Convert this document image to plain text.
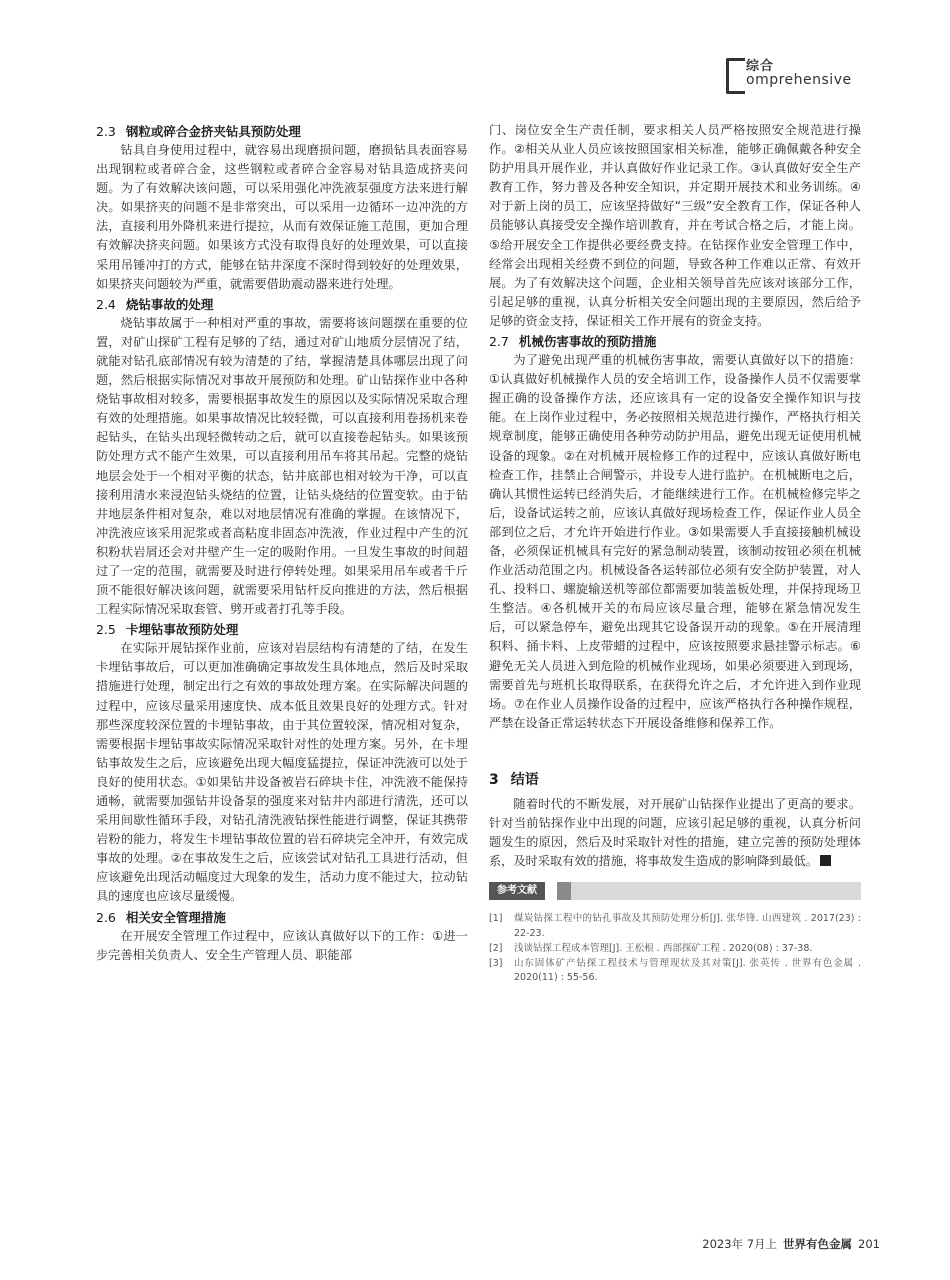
综合
omprehensive
2.3 钢粒或碎合金挤夹钻具预防处理

钻具自身使用过程中，就容易出现磨损问题，磨损钻具表面容易出现钢粒或者碎合金，这些钢粒或者碎合金容易对钻具造成挤夹问题。为了有效解决该问题，可以采用强化冲洗液泵强度方法来进行解决。如果挤夹的问题不是非常突出，可以采用一边循环一边冲洗的方法，直接利用外降机来进行提拉，从而有效保证施工范围，更加合理有效解决挤夹问题。如果该方式没有取得良好的处理效果，可以直接采用吊锤冲打的方式，能够在钻井深度不深时得到较好的处理效果，如果挤夹问题较为严重，就需要借助震动器来进行处理。

2.4 烧钻事故的处理

烧钻事故属于一种相对严重的事故，需要将该问题摆在重要的位置，对矿山探矿工程有足够的了结，通过对矿山地质分层情况了结，就能对钻孔底部情况有较为清楚的了结，掌握清楚具体哪层出现了问题，然后根据实际情况对事故开展预防和处理。矿山钻探作业中各种烧钻事故相对较多，需要根据事故发生的原因以及实际情况采取合理有效的处理措施。如果事故情况比较轻微，可以直接利用卷扬机来卷起钻头，在钻头出现轻微转动之后，就可以直接卷起钻头。如果该预防处理方式不能产生效果，可以直接利用吊车将其吊起。完整的烧钻地层会处于一个相对平衡的状态，钻井底部也相对较为干净，可以直接利用清水来浸泡钻头烧结的位置，让钻头烧结的位置变软。由于钻井地层条件相对复杂，难以对地层情况有准确的掌握。在该情况下，冲洗液应该采用泥浆或者高粘度非固态冲洗液，作业过程中产生的沉积粉状岩屑还会对井壁产生一定的吸附作用。一旦发生事故的时间超过了一定的范围，就需要及时进行停转处理。如果采用吊车或者千斤顶不能很好解决该问题，就需要采用钻杆反向推进的方法，然后根据工程实际情况采取套管、劈开或者打孔等手段。

2.5 卡埋钻事故预防处理

在实际开展钻探作业前，应该对岩层结构有清楚的了结，在发生卡埋钻事故后，可以更加准确确定事故发生具体地点，然后及时采取措施进行处理，制定出行之有效的事故处理方案。在实际解决问题的过程中，应该尽量采用速度快、成本低且效果良好的处理方式。针对那些深度较深位置的卡埋钻事故，由于其位置较深，情况相对复杂，需要根据卡埋钻事故实际情况采取针对性的处理方案。另外，在卡埋钻事故发生之后，应该避免出现大幅度猛提拉，保证冲洗液可以处于良好的使用状态。①如果钻井设备被岩石碎块卡住，冲洗液不能保持通畅，就需要加强钻井设备泵的强度来对钻井内部进行清洗，还可以采用间歇性循环手段，对钻孔清洗液钻探性能进行调整，保证其携带岩粉的能力，将发生卡埋钻事故位置的岩石碎块完全冲开，有效完成事故的处理。②在事故发生之后，应该尝试对钻孔工具进行活动，但应该避免出现活动幅度过大现象的发生，活动力度不能过大，拉动钻具的速度也应该尽量缓慢。

2.6 相关安全管理措施

在开展安全管理工作过程中，应该认真做好以下的工作：①进一步完善相关负责人、安全生产管理人员、职能部

门、岗位安全生产责任制，要求相关人员严格按照安全规范进行操作。②相关从业人员应该按照国家相关标准，能够正确佩戴各种安全防护用具开展作业，并认真做好作业记录工作。③认真做好安全生产教育工作，努力普及各种安全知识，并定期开展技术和业务训练。④对于新上岗的员工，应该坚持做好“三级”安全教育工作，保证各种人员能够认真接受安全操作培训教育，并在考试合格之后，才能上岗。⑤给开展安全工作提供必要经费支持。在钻探作业安全管理工作中，经常会出现相关经费不到位的问题，导致各种工作难以正常、有效开展。为了有效解决这个问题，企业相关领导首先应该对该部分工作，引起足够的重视，认真分析相关安全问题出现的主要原因，然后给予足够的资金支持，保证相关工作开展有的资金支持。

2.7 机械伤害事故的预防措施

为了避免出现严重的机械伤害事故，需要认真做好以下的措施：①认真做好机械操作人员的安全培训工作，设备操作人员不仅需要掌握正确的设备操作方法，还应该具有一定的设备安全操作知识与技能。在上岗作业过程中，务必按照相关规范进行操作，严格执行相关规章制度，能够正确使用各种劳动防护用品，避免出现无证使用机械设备的现象。②在对机械开展检修工作的过程中，应该认真做好断电检查工作，挂禁止合闸警示，并设专人进行监护。在机械断电之后，确认其惯性运转已经消失后，才能继续进行工作。在机械检修完毕之后，设备试运转之前，应该认真做好现场检查工作，保证作业人员全部到位之后，才允许开始进行作业。③如果需要人手直接接触机械设备，必须保证机械具有完好的紧急制动装置，该制动按钮必须在机械作业活动范围之内。机械设备各运转部位必须有安全防护装置，对人孔、投料口、螺旋输送机等部位都需要加装盖板处理，并保持现场卫生整洁。④各机械开关的布局应该尽量合理，能够在紧急情况发生后，可以紧急停车，避免出现其它设备误开动的现象。⑤在开展清理积料、捅卡料、上皮带蜡的过程中，应该按照要求悬挂警示标志。⑥避免无关人员进入到危险的机械作业现场，如果必须要进入到现场，需要首先与班机长取得联系，在获得允许之后，才允许进入到作业现场。⑦在作业人员操作设备的过程中，应该严格执行各种操作规程，严禁在设备正常运转状态下开展设备维修和保养工作。

3 结语

随着时代的不断发展，对开展矿山钻探作业提出了更高的要求。针对当前钻探作业中出现的问题，应该引起足够的重视，认真分析问题发生的原因，然后及时采取针对性的措施，建立完善的预防处理体系，及时采取有效的措施，将事故发生造成的影响降到最低。

参考文献
[1]	煤炭钻探工程中的钻孔事故及其预防处理分析[J]. 张华锋. 山西建筑 . 2017(23) : 22-23.
[2]	浅谈钻探工程成本管理[J]. 王松根 . 西部探矿工程 . 2020(08) : 37-38.
[3]	山东固体矿产钻探工程技术与管理现状及其对策[J]. 张英传 . 世界有色金属 . 2020(11) : 55-56.
2023年 7月上 世界有色金属 201
